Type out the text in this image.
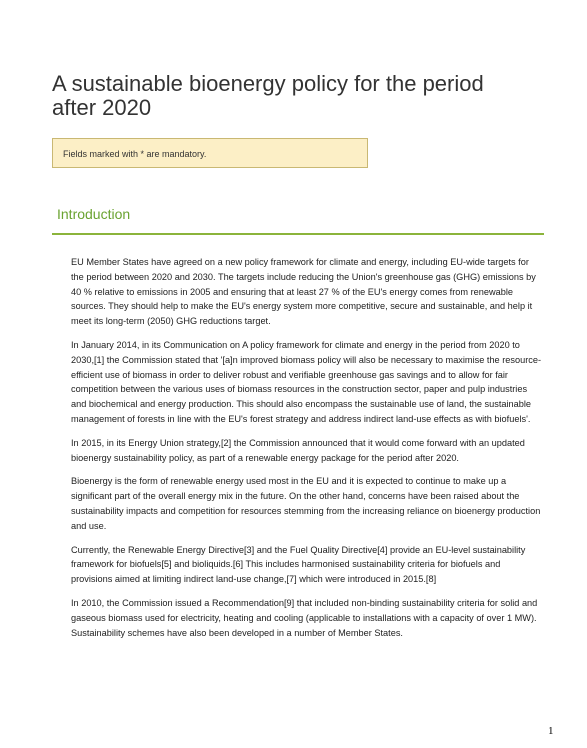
A sustainable bioenergy policy for the period after 2020
Fields marked with * are mandatory.
Introduction

EU Member States have agreed on a new policy framework for climate and energy, including EU-wide targets for the period between 2020 and 2030. The targets include reducing the Union's greenhouse gas (GHG) emissions by 40 % relative to emissions in 2005 and ensuring that at least 27 % of the EU's energy comes from renewable sources. They should help to make the EU's energy system more competitive, secure and sustainable, and help it meet its long-term (2050) GHG reductions target.

In January 2014, in its Communication on A policy framework for climate and energy in the period from 2020 to 2030,[1] the Commission stated that '[a]n improved biomass policy will also be necessary to maximise the resource-efficient use of biomass in order to deliver robust and verifiable greenhouse gas savings and to allow for fair competition between the various uses of biomass resources in the construction sector, paper and pulp industries and biochemical and energy production. This should also encompass the sustainable use of land, the sustainable management of forests in line with the EU's forest strategy and address indirect land-use effects as with biofuels'.

In 2015, in its Energy Union strategy,[2] the Commission announced that it would come forward with an updated bioenergy sustainability policy, as part of a renewable energy package for the period after 2020.

Bioenergy is the form of renewable energy used most in the EU and it is expected to continue to make up a significant part of the overall energy mix in the future. On the other hand, concerns have been raised about the sustainability impacts and competition for resources stemming from the increasing reliance on bioenergy production and use.

Currently, the Renewable Energy Directive[3] and the Fuel Quality Directive[4] provide an EU-level sustainability framework for biofuels[5] and bioliquids.[6] This includes harmonised sustainability criteria for biofuels and provisions aimed at limiting indirect land-use change,[7] which were introduced in 2015.[8]

In 2010, the Commission issued a Recommendation[9] that included non-binding sustainability criteria for solid and gaseous biomass used for electricity, heating and cooling (applicable to installations with a capacity of over 1 MW). Sustainability schemes have also been developed in a number of Member States.

1
